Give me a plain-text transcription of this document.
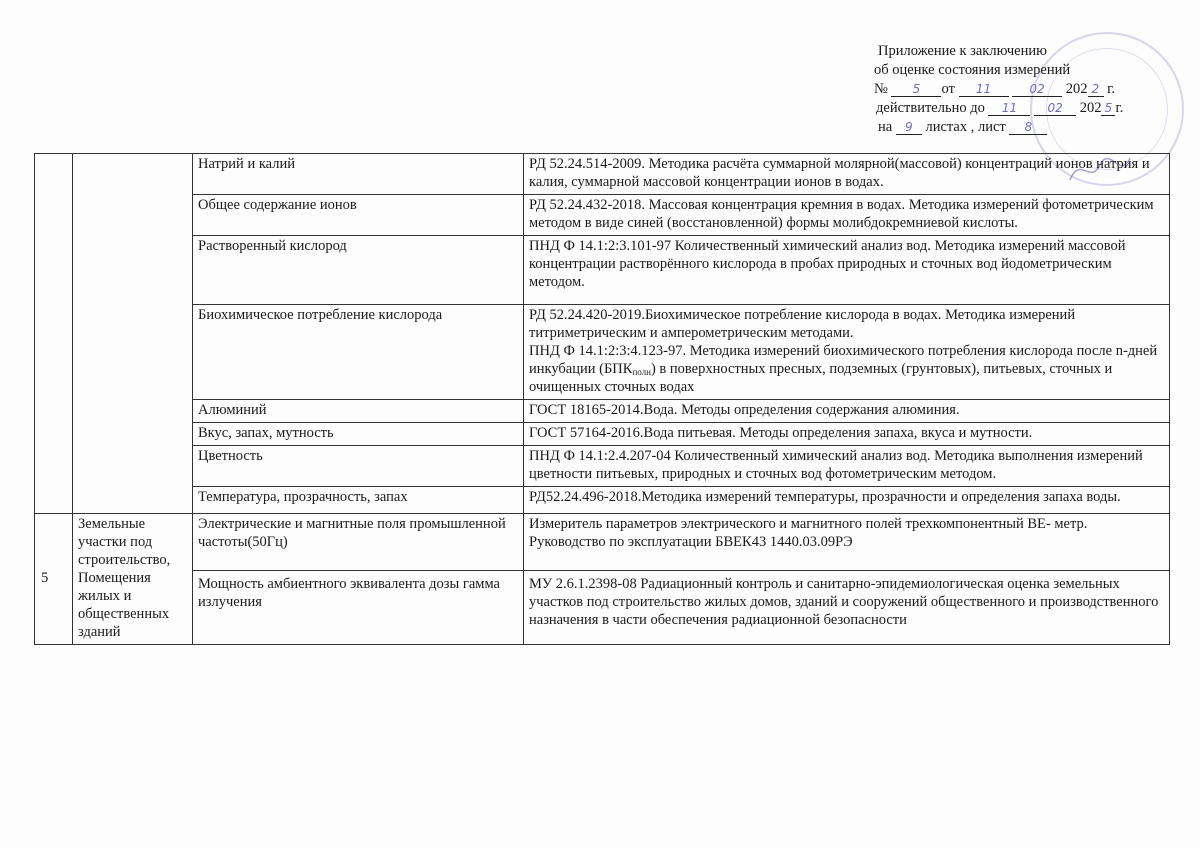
Приложение к заключению
об оценке состояния измерений
№ 5 от 11	02 202 2 г.
действительно до 11	02 202 5 г.
на 9 листах , лист 8
		Натрий и калий	РД 52.24.514-2009. Методика расчёта суммарной молярной(массовой) концентраций ионов натрия и калия, суммарной массовой концентрации ионов в водах.
		Общее содержание ионов	РД 52.24.432-2018. Массовая концентрация кремния в водах. Методика измерений фотометрическим методом в виде синей (восстановленной) формы молибдокремниевой кислоты.
		Растворенный кислород	ПНД Ф 14.1:2:3.101-97 Количественный химический анализ вод. Методика измерений массовой концентрации растворённого кислорода в пробах природных и сточных вод йодометрическим методом.
		Биохимическое потребление кислорода	РД 52.24.420-2019.Биохимическое потребление кислорода в водах. Методика измерений титриметрическим и амперометрическим методами.
ПНД Ф 14.1:2:3:4.123-97. Методика измерений биохимического потребления кислорода после n-дней инкубации $(БПК_{полн})$ в поверхностных пресных, подземных (грунтовых), питьевых, сточных и очищенных сточных водах

		Алюминий	ГОСТ 18165-2014.Вода. Методы определения содержания алюминия.
		Вкус, запах, мутность	ГОСТ 57164-2016.Вода питьевая. Методы определения запаха, вкуса и мутности.
		Цветность	ПНД Ф 14.1:2.4.207-04 Количественный химический анализ вод. Методика выполнения измерений цветности питьевых, природных и сточных вод фотометрическим методом.
		Температура, прозрачность, запах	РД52.24.496-2018.Методика измерений температуры, прозрачности и определения запаха воды.
5	Земельные участки под строительство, Помещения жилых и общественных зданий	Электрические и магнитные поля промышленной частоты(50Гц)	Измеритель параметров электрического и магнитного полей трехкомпонентный ВЕ- метр. Руководство по эксплуатации БВЕК43 1440.03.09РЭ
		Мощность амбиентного эквивалента дозы гамма излучения	МУ 2.6.1.2398-08 Радиационный контроль и санитарно-эпидемиологическая оценка земельных участков под строительство жилых домов, зданий и сооружений общественного и производственного назначения в части обеспечения радиационной безопасности
